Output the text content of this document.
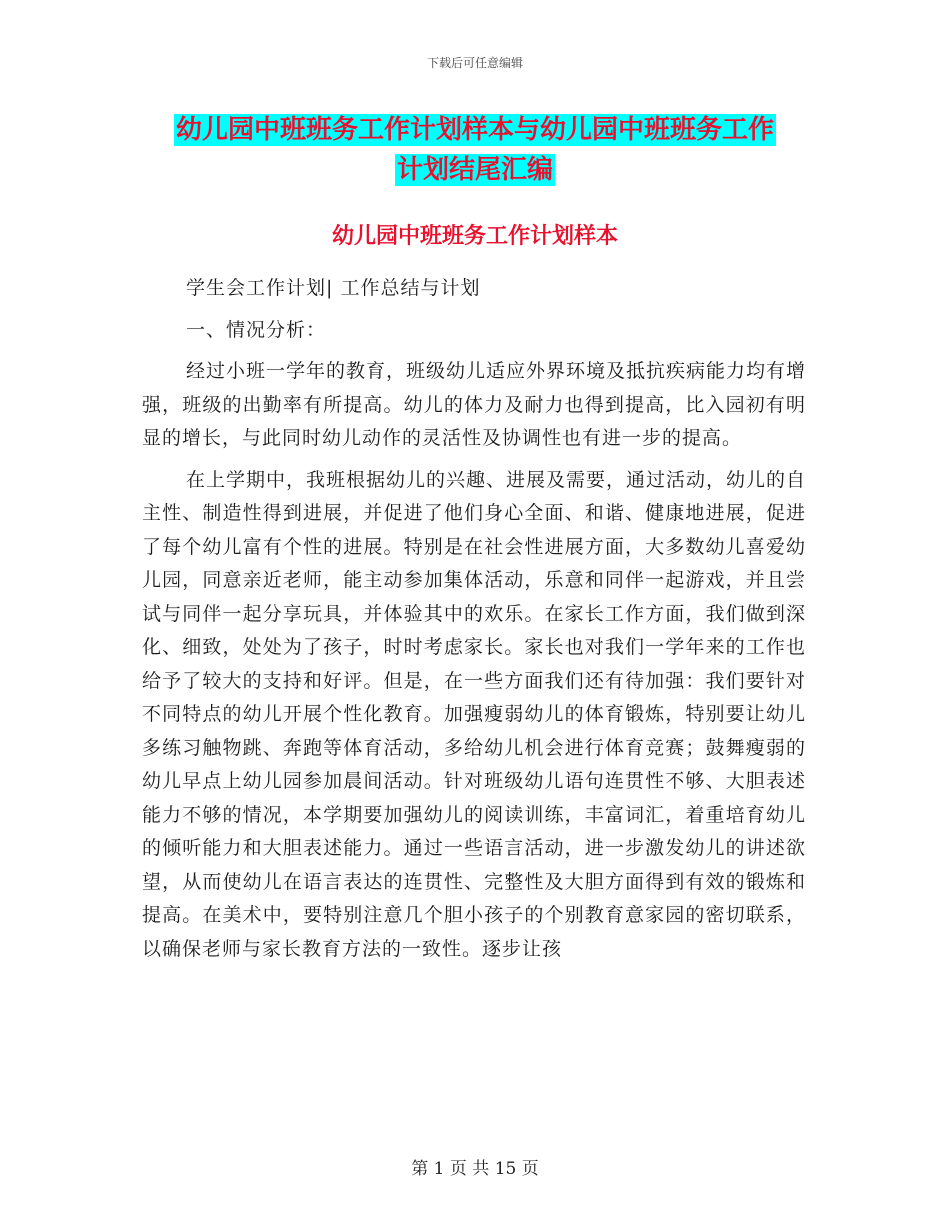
下载后可任意编辑
幼儿园中班班务工作计划样本与幼儿园中班班务工作
计划结尾汇编
幼儿园中班班务工作计划样本

学生会工作计划| 工作总结与计划

一、情况分析：

经过小班一学年的教育，班级幼儿适应外界环境及抵抗疾病能力均有增强，班级的出勤率有所提高。幼儿的体力及耐力也得到提高，比入园初有明显的增长，与此同时幼儿动作的灵活性及协调性也有进一步的提高。

在上学期中，我班根据幼儿的兴趣、进展及需要，通过活动，幼儿的自主性、制造性得到进展，并促进了他们身心全面、和谐、健康地进展，促进了每个幼儿富有个性的进展。特别是在社会性进展方面，大多数幼儿喜爱幼儿园，同意亲近老师，能主动参加集体活动，乐意和同伴一起游戏，并且尝试与同伴一起分享玩具，并体验其中的欢乐。在家长工作方面，我们做到深化、细致，处处为了孩子，时时考虑家长。家长也对我们一学年来的工作也给予了较大的支持和好评。但是，在一些方面我们还有待加强：我们要针对不同特点的幼儿开展个性化教育。加强瘦弱幼儿的体育锻炼，特别要让幼儿多练习触物跳、奔跑等体育活动，多给幼儿机会进行体育竞赛；鼓舞瘦弱的幼儿早点上幼儿园参加晨间活动。针对班级幼儿语句连贯性不够、大胆表述能力不够的情况，本学期要加强幼儿的阅读训练，丰富词汇，着重培育幼儿的倾听能力和大胆表述能力。通过一些语言活动，进一步激发幼儿的讲述欲望，从而使幼儿在语言表达的连贯性、完整性及大胆方面得到有效的锻炼和提高。在美术中，要特别注意几个胆小孩子的个别教育意家园的密切联系，以确保老师与家长教育方法的一致性。逐步让孩

第 1 页 共 15 页
